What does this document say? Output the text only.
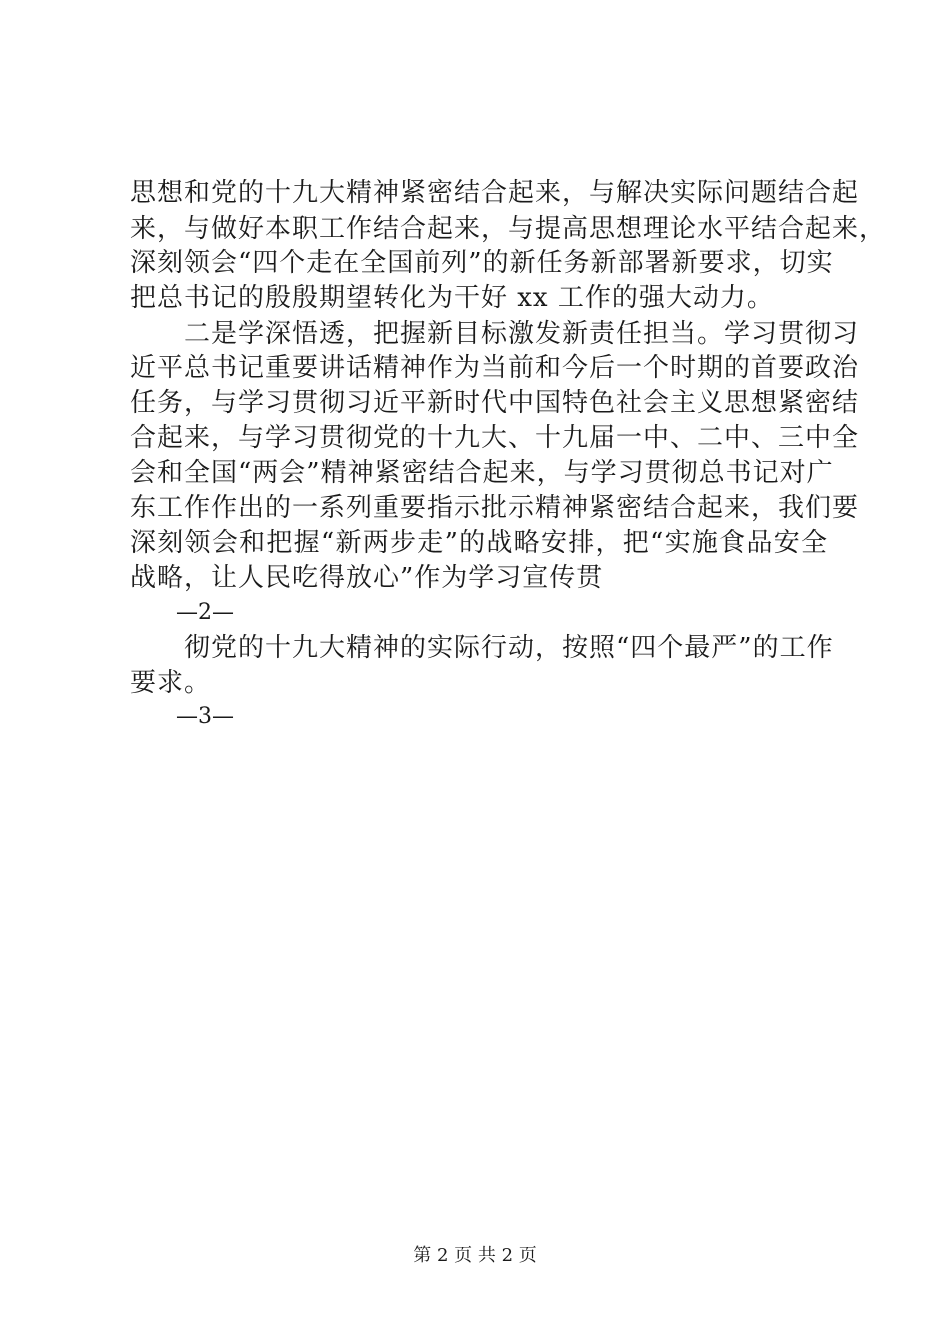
思想和党的十九大精神紧密结合起来，与解决实际问题结合起
来，与做好本职工作结合起来，与提高思想理论水平结合起来，
深刻领会“四个走在全国前列”的新任务新部署新要求，切实
把总书记的殷殷期望转化为干好 xx 工作的强大动力。
二是学深悟透，把握新目标激发新责任担当。学习贯彻习
近平总书记重要讲话精神作为当前和今后一个时期的首要政治
任务，与学习贯彻习近平新时代中国特色社会主义思想紧密结
合起来，与学习贯彻党的十九大、十九届一中、二中、三中全
会和全国“两会”精神紧密结合起来，与学习贯彻总书记对广
东工作作出的一系列重要指示批示精神紧密结合起来，我们要
深刻领会和把握“新两步走”的战略安排，把“实施食品安全
战略，让人民吃得放心”作为学习宣传贯
—2—
彻党的十九大精神的实际行动，按照“四个最严”的工作
要求。
—3—
第 2 页 共 2 页
